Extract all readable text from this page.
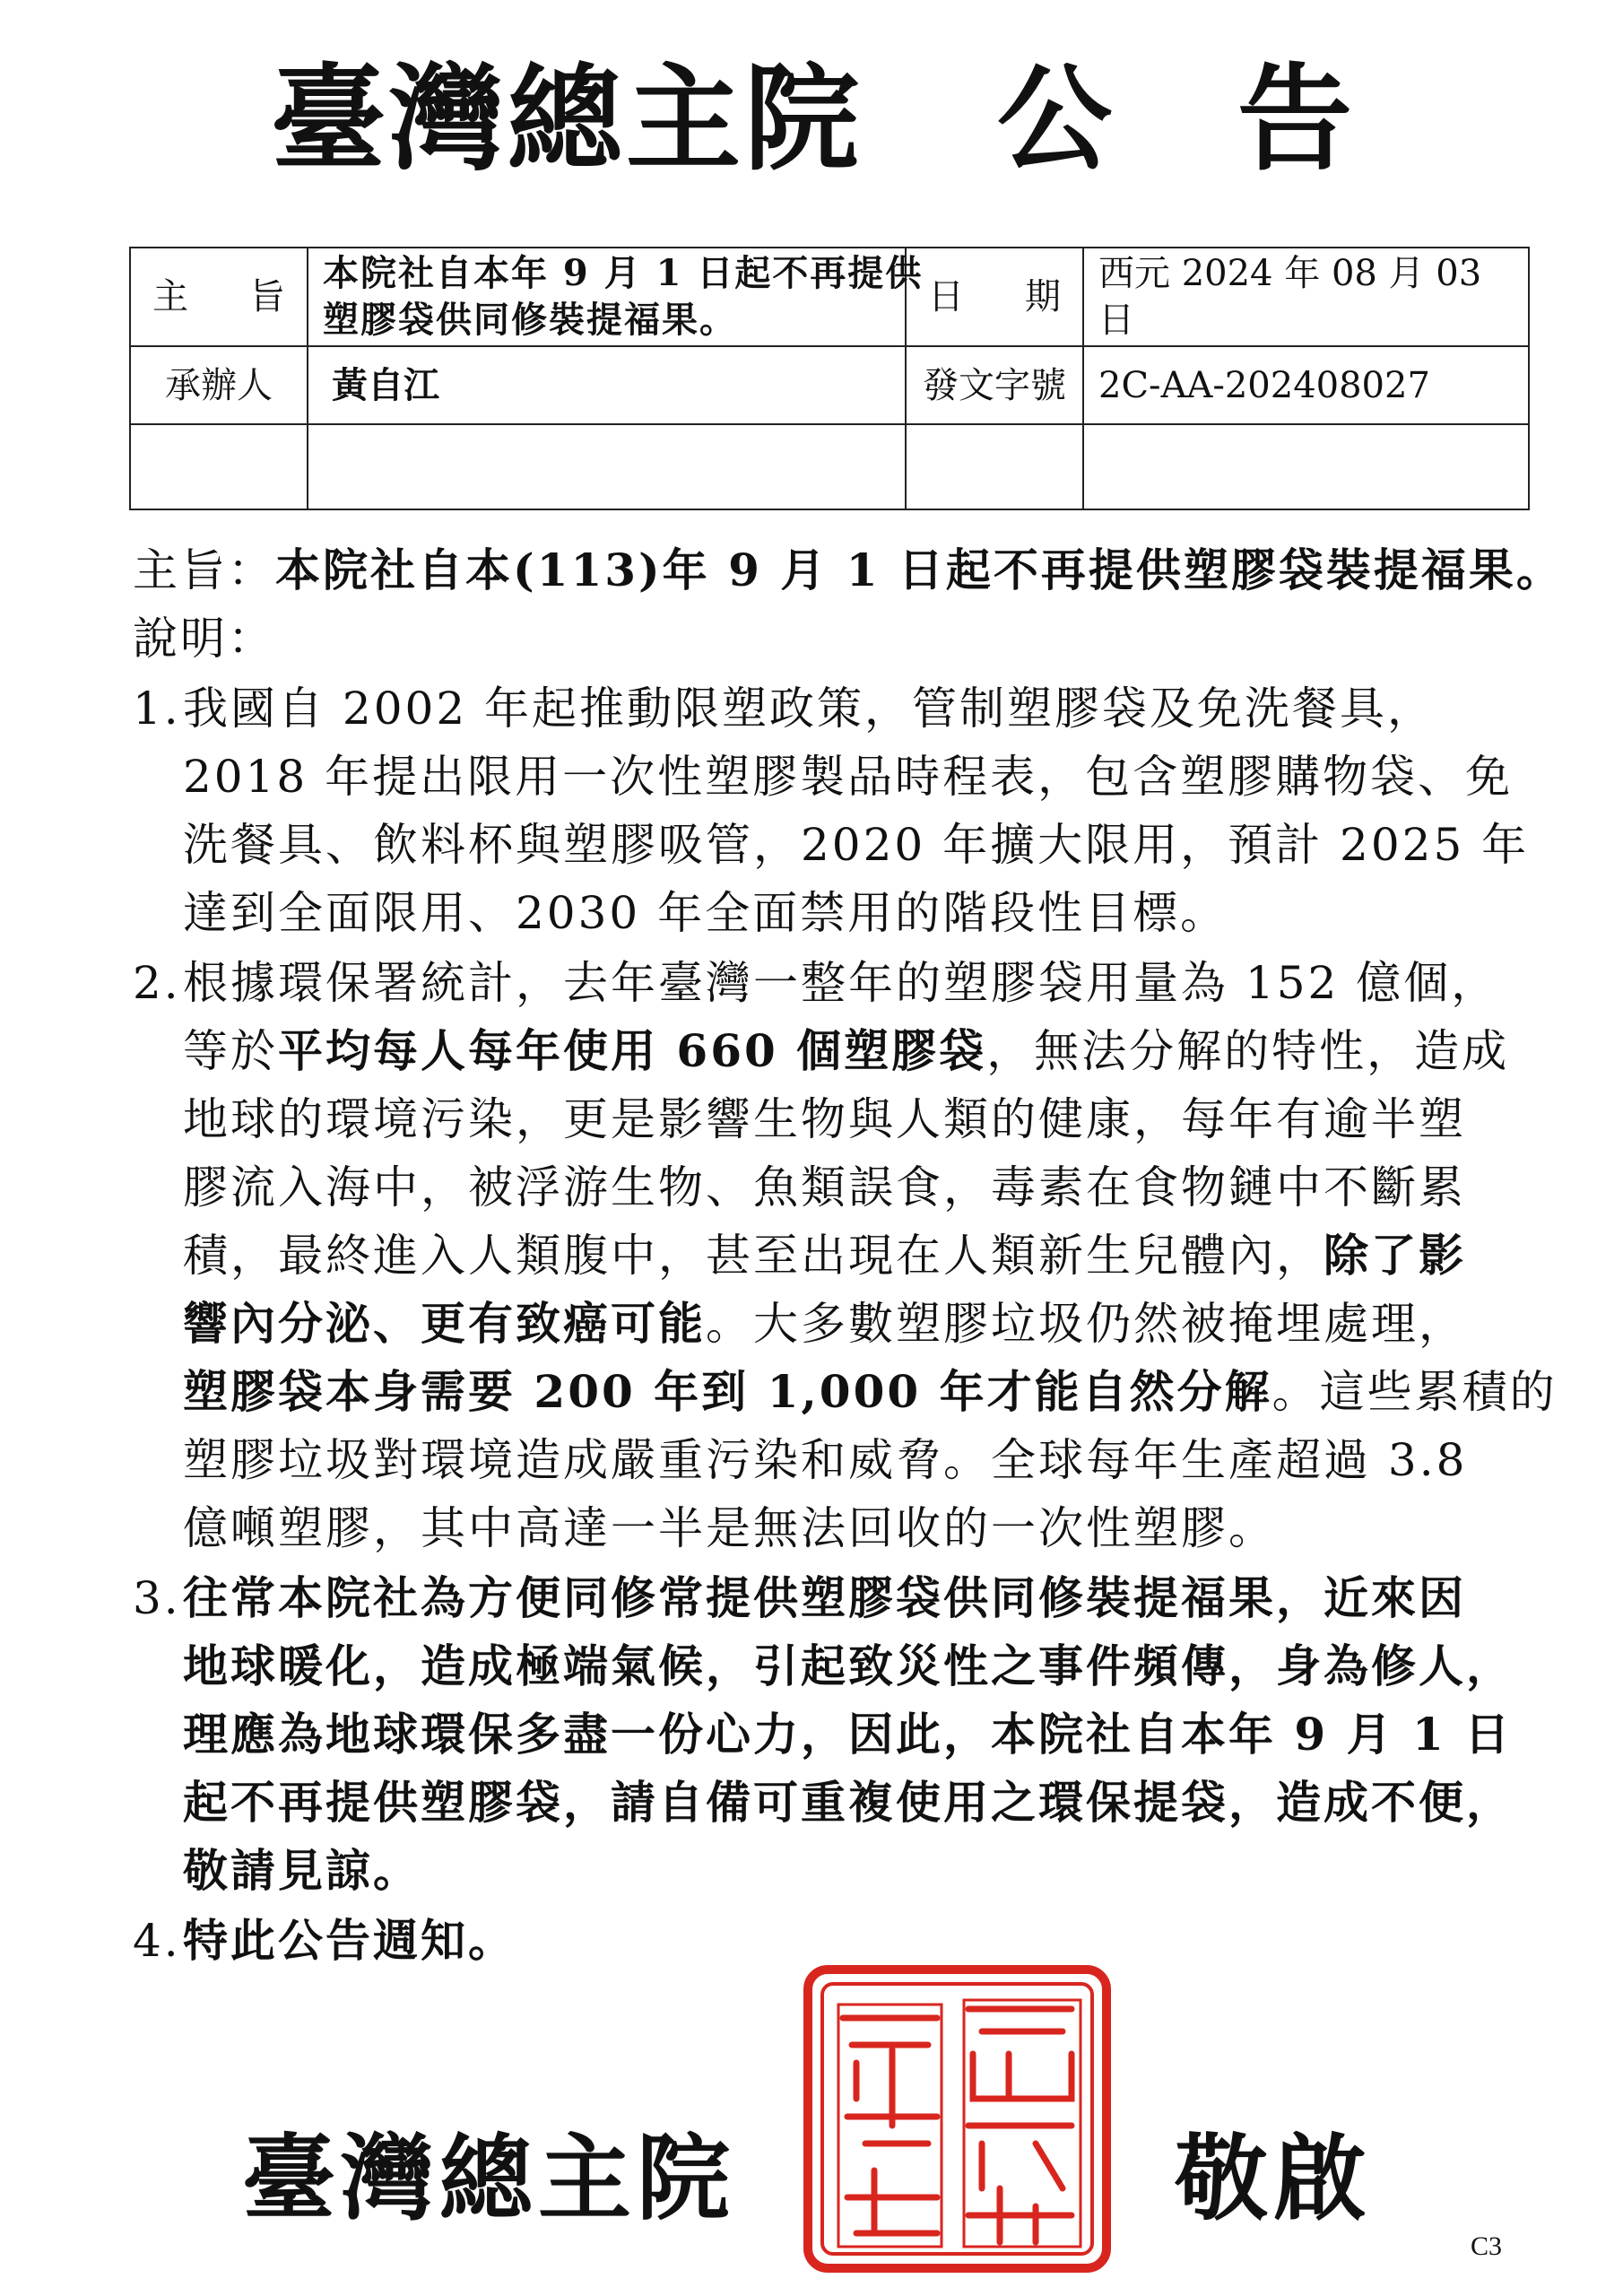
臺灣總主院 公告
主 旨	本院社自本年 9 月 1 日起不再提供
塑膠袋供同修裝提福果。	日 期	西元 2024 年 08 月 03 日
承辦人	黃自江	發文字號	2C-AA-202408027

主旨：本院社自本(113)年 9 月 1 日起不再提供塑膠袋裝提福果。

說明：

1. 我國自 2002 年起推動限塑政策，管制塑膠袋及免洗餐具，
2018 年提出限用一次性塑膠製品時程表，包含塑膠購物袋、免
洗餐具、飲料杯與塑膠吸管，2020 年擴大限用，預計 2025 年
達到全面限用、2030 年全面禁用的階段性目標。
2. 根據環保署統計，去年臺灣一整年的塑膠袋用量為 152 億個，
等於平均每人每年使用 660 個塑膠袋，無法分解的特性，造成
地球的環境污染，更是影響生物與人類的健康，每年有逾半塑
膠流入海中，被浮游生物、魚類誤食，毒素在食物鏈中不斷累
積，最終進入人類腹中，甚至出現在人類新生兒體內，除了影
響內分泌、更有致癌可能。大多數塑膠垃圾仍然被掩埋處理，
塑膠袋本身需要 200 年到 1,000 年才能自然分解。這些累積的
塑膠垃圾對環境造成嚴重污染和威脅。全球每年生產超過 3.8
億噸塑膠，其中高達一半是無法回收的一次性塑膠。
3. 往常本院社為方便同修常提供塑膠袋供同修裝提福果，近來因
地球暖化，造成極端氣候，引起致災性之事件頻傳，身為修人，
理應為地球環保多盡一份心力，因此，本院社自本年 9 月 1 日
起不再提供塑膠袋，請自備可重複使用之環保提袋，造成不便，
敬請見諒。
4. 特此公告週知。
臺灣總主院	敬啟
C3
